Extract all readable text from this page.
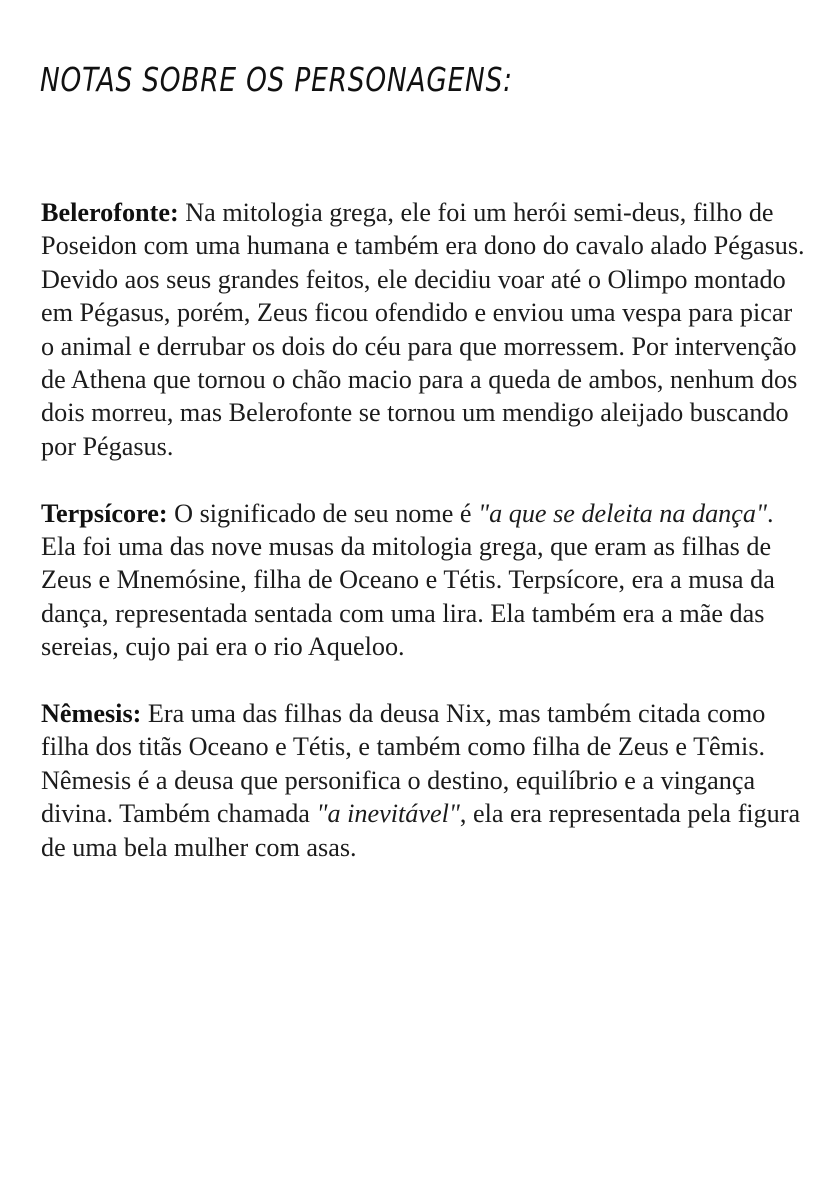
NOTAS SOBRE OS PERSONAGENS:

Belerofonte: Na mitologia grega, ele foi um herói semi-deus, filho de Poseidon com uma humana e também era dono do cavalo alado Pégasus. Devido aos seus grandes feitos, ele decidiu voar até o Olimpo montado em Pégasus, porém, Zeus ficou ofendido e enviou uma vespa para picar o animal e derrubar os dois do céu para que morressem. Por intervenção de Athena que tornou o chão macio para a queda de ambos, nenhum dos dois morreu, mas Belerofonte se tornou um mendigo aleijado buscando por Pégasus.

Terpsícore: O significado de seu nome é "a que se deleita na dança". Ela foi uma das nove musas da mitologia grega, que eram as filhas de Zeus e Mnemósine, filha de Oceano e Tétis. Terpsícore, era a musa da dança, representada sentada com uma lira. Ela também era a mãe das sereias, cujo pai era o rio Aqueloo.

Nêmesis: Era uma das filhas da deusa Nix, mas também citada como filha dos titãs Oceano e Tétis, e também como filha de Zeus e Têmis. Nêmesis é a deusa que personifica o destino, equilíbrio e a vingança divina. Também chamada "a inevitável", ela era representada pela figura de uma bela mulher com asas.
